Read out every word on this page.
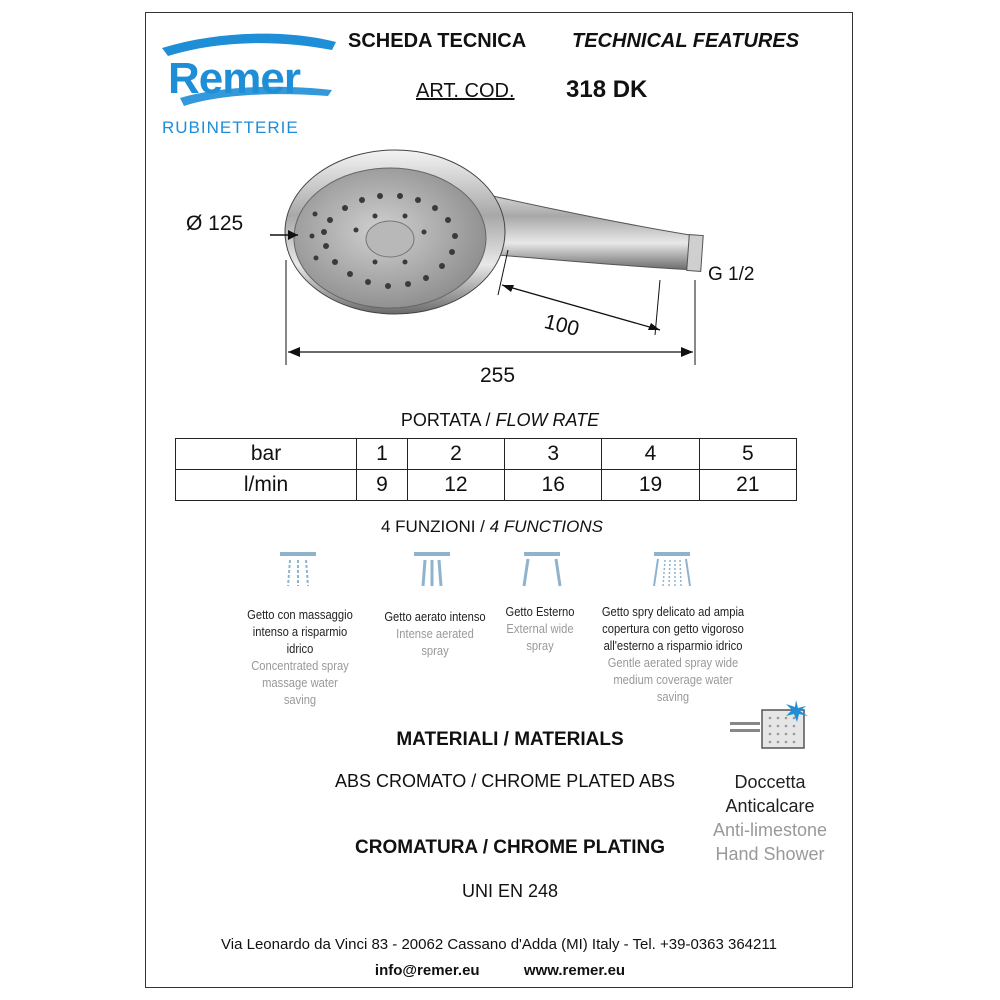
Remer
RUBINETTERIE
SCHEDA TECNICA TECHNICAL FEATURES
ART. COD. 318 DK
Ø 125
G 1/2
100
255
PORTATA / FLOW RATE
bar	1	2	3	4	5
l/min	9	12	16	19	21
4 FUNZIONI / 4 FUNCTIONS
Getto con massaggio
intenso a risparmio
idrico
Concentrated spray
massage water
saving
Getto aerato intenso
Intense aerated
spray
Getto Esterno
External wide
spray
Getto spry delicato ad ampia
copertura con getto vigoroso
all'esterno a risparmio idrico
Gentle aerated spray wide
medium coverage water
saving
MATERIALI / MATERIALS
ABS CROMATO / CHROME PLATED ABS
CROMATURA / CHROME PLATING
UNI EN 248
Doccetta
Anticalcare
Anti-limestone
Hand Shower
Via Leonardo da Vinci 83 - 20062 Cassano d'Adda (MI) Italy - Tel. +39-0363 364211
info@remer.eu	www.remer.eu
